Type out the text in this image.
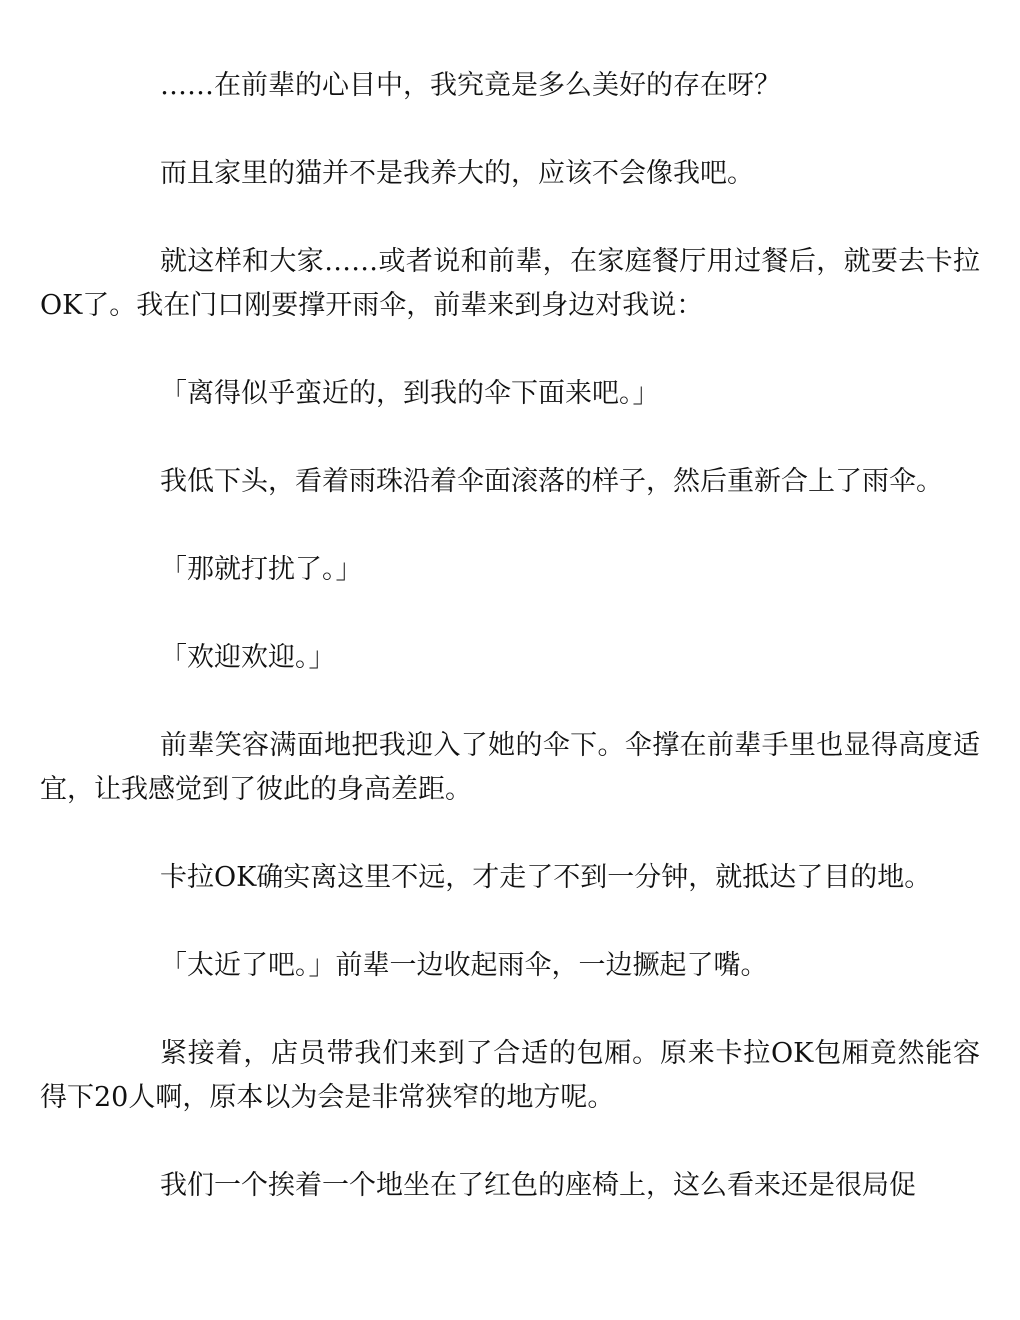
……在前辈的心目中，我究竟是多么美好的存在呀？

而且家里的猫并不是我养大的，应该不会像我吧。

就这样和大家……或者说和前辈，在家庭餐厅用过餐后，就要去卡拉OK了。我在门口刚要撑开雨伞，前辈来到身边对我说：

「离得似乎蛮近的，到我的伞下面来吧。」

我低下头，看着雨珠沿着伞面滚落的样子，然后重新合上了雨伞。

「那就打扰了。」

「欢迎欢迎。」

前辈笑容满面地把我迎入了她的伞下。伞撑在前辈手里也显得高度适宜，让我感觉到了彼此的身高差距。

卡拉OK确实离这里不远，才走了不到一分钟，就抵达了目的地。

「太近了吧。」前辈一边收起雨伞，一边撅起了嘴。

紧接着，店员带我们来到了合适的包厢。原来卡拉OK包厢竟然能容得下20人啊，原本以为会是非常狭窄的地方呢。

我们一个挨着一个地坐在了红色的座椅上，这么看来还是很局促
